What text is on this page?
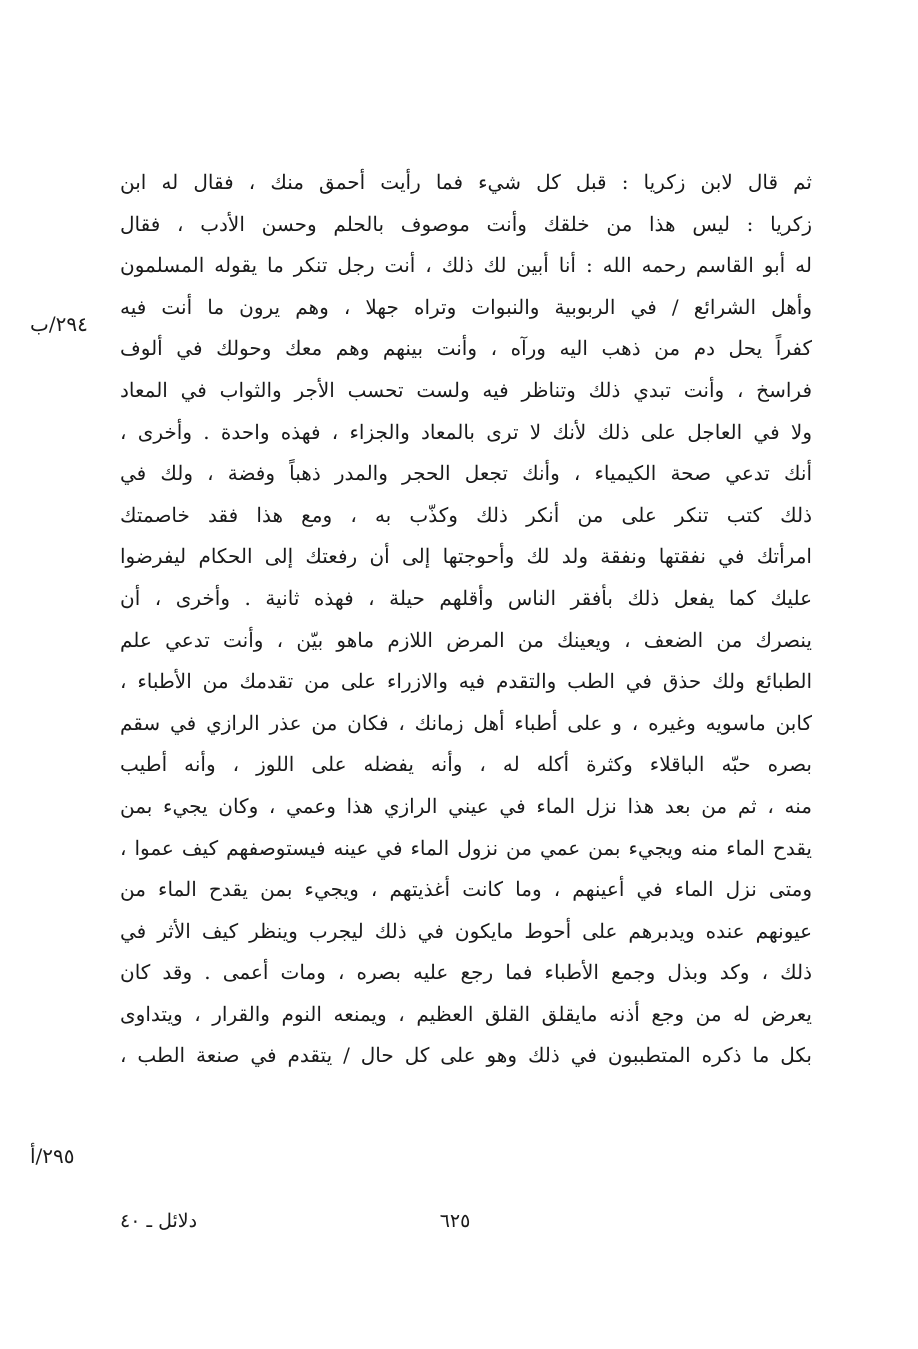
ثم قال لابن زكريا : قبل كل شيء فما رأيت أحمق منك ، فقال له ابن
زكريا : ليس هذا من خلقك وأنت موصوف بالحلم وحسن الأدب ، فقال
له أبو القاسم رحمه الله : أنا أبين لك ذلك ، أنت رجل تنكر ما يقوله المسلمون
وأهل الشرائع / في الربوبية والنبوات وتراه جهلا ، وهم يرون ما أنت فيه
كفراً يحل دم من ذهب اليه ورآه ، وأنت بينهم وهم معك وحولك في ألوف
فراسخ ، وأنت تبدي ذلك وتناظر فيه ولست تحسب الأجر والثواب في المعاد
ولا في العاجل على ذلك لأنك لا ترى بالمعاد والجزاء ، فهذه واحدة . وأخرى ،
أنك تدعي صحة الكيمياء ، وأنك تجعل الحجر والمدر ذهباً وفضة ، ولك في
ذلك كتب تنكر على من أنكر ذلك وكذّب به ، ومع هذا فقد خاصمتك
امرأتك في نفقتها ونفقة ولد لك وأحوجتها إلى أن رفعتك إلى الحكام ليفرضوا
عليك كما يفعل ذلك بأفقر الناس وأقلهم حيلة ، فهذه ثانية . وأخرى ، أن
ينصرك من الضعف ، ويعينك من المرض اللازم ماهو بيّن ، وأنت تدعي علم
الطبائع ولك حذق في الطب والتقدم فيه والازراء على من تقدمك من الأطباء ،
كابن ماسويه وغيره ، و على أطباء أهل زمانك ، فكان من عذر الرازي في سقم
بصره حبّه الباقلاء وكثرة أكله له ، وأنه يفضله على اللوز ، وأنه أطيب
منه ، ثم من بعد هذا نزل الماء في عيني الرازي هذا وعمي ، وكان يجيء بمن
يقدح الماء منه ويجيء بمن عمي من نزول الماء في عينه فيستوصفهم كيف عموا ،
ومتى نزل الماء في أعينهم ، وما كانت أغذيتهم ، ويجيء بمن يقدح الماء من
عيونهم عنده ويدبرهم على أحوط مايكون في ذلك ليجرب وينظر كيف الأثر في
ذلك ، وكد وبذل وجمع الأطباء فما رجع عليه بصره ، ومات أعمى . وقد كان
يعرض له من وجع أذنه مايقلق القلق العظيم ، ويمنعه النوم والقرار ، ويتداوى
بكل ما ذكره المتطببون في ذلك وهو على كل حال / يتقدم في صنعة الطب ،
٢٩٤/ب
٢٩٥/أ
دلائل ـ ٤٠	٦٢٥
